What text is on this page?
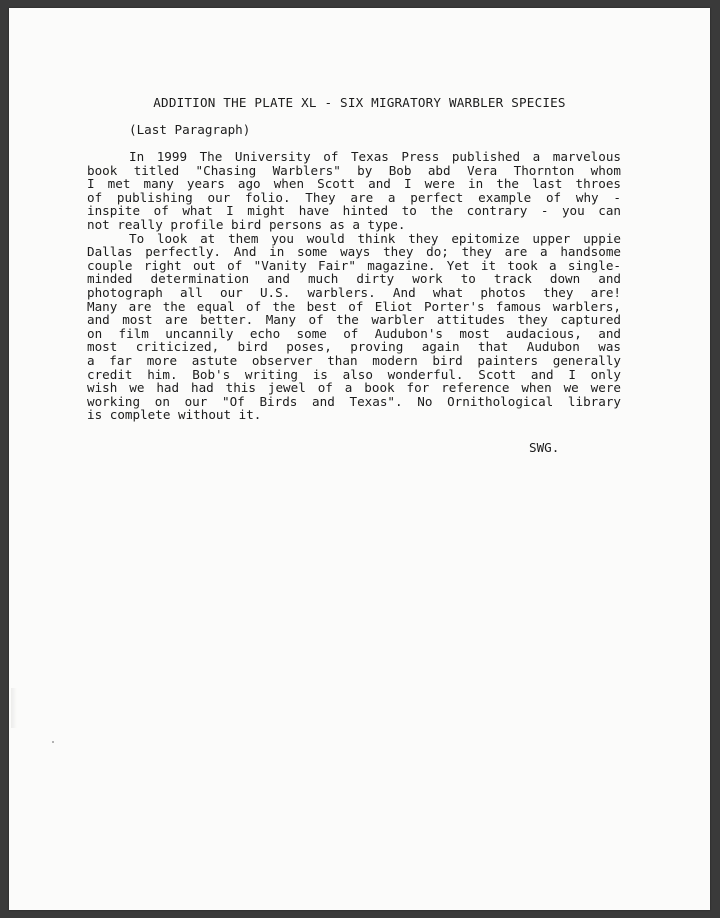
ADDITION THE PLATE XL - SIX MIGRATORY WARBLER SPECIES
(Last Paragraph)
In 1999 The University of Texas Press published a marvelous
book titled "Chasing Warblers" by Bob abd Vera Thornton whom
I met many years ago when Scott and I were in the last throes
of publishing our folio. They are a perfect example of why -
inspite of what I might have hinted to the contrary - you can
not really profile bird persons as a type.
To look at them you would think they epitomize upper uppie
Dallas perfectly. And in some ways they do; they are a handsome
couple right out of "Vanity Fair" magazine. Yet it took a single-
minded determination and much dirty work to track down and
photograph all our U.S. warblers. And what photos they are!
Many are the equal of the best of Eliot Porter's famous warblers,
and most are better. Many of the warbler attitudes they captured
on film uncannily echo some of Audubon's most audacious, and
most criticized, bird poses, proving again that Audubon was
a far more astute observer than modern bird painters generally
credit him. Bob's writing is also wonderful. Scott and I only
wish we had had this jewel of a book for reference when we were
working on our "Of Birds and Texas". No Ornithological library
is complete without it.
SWG.
